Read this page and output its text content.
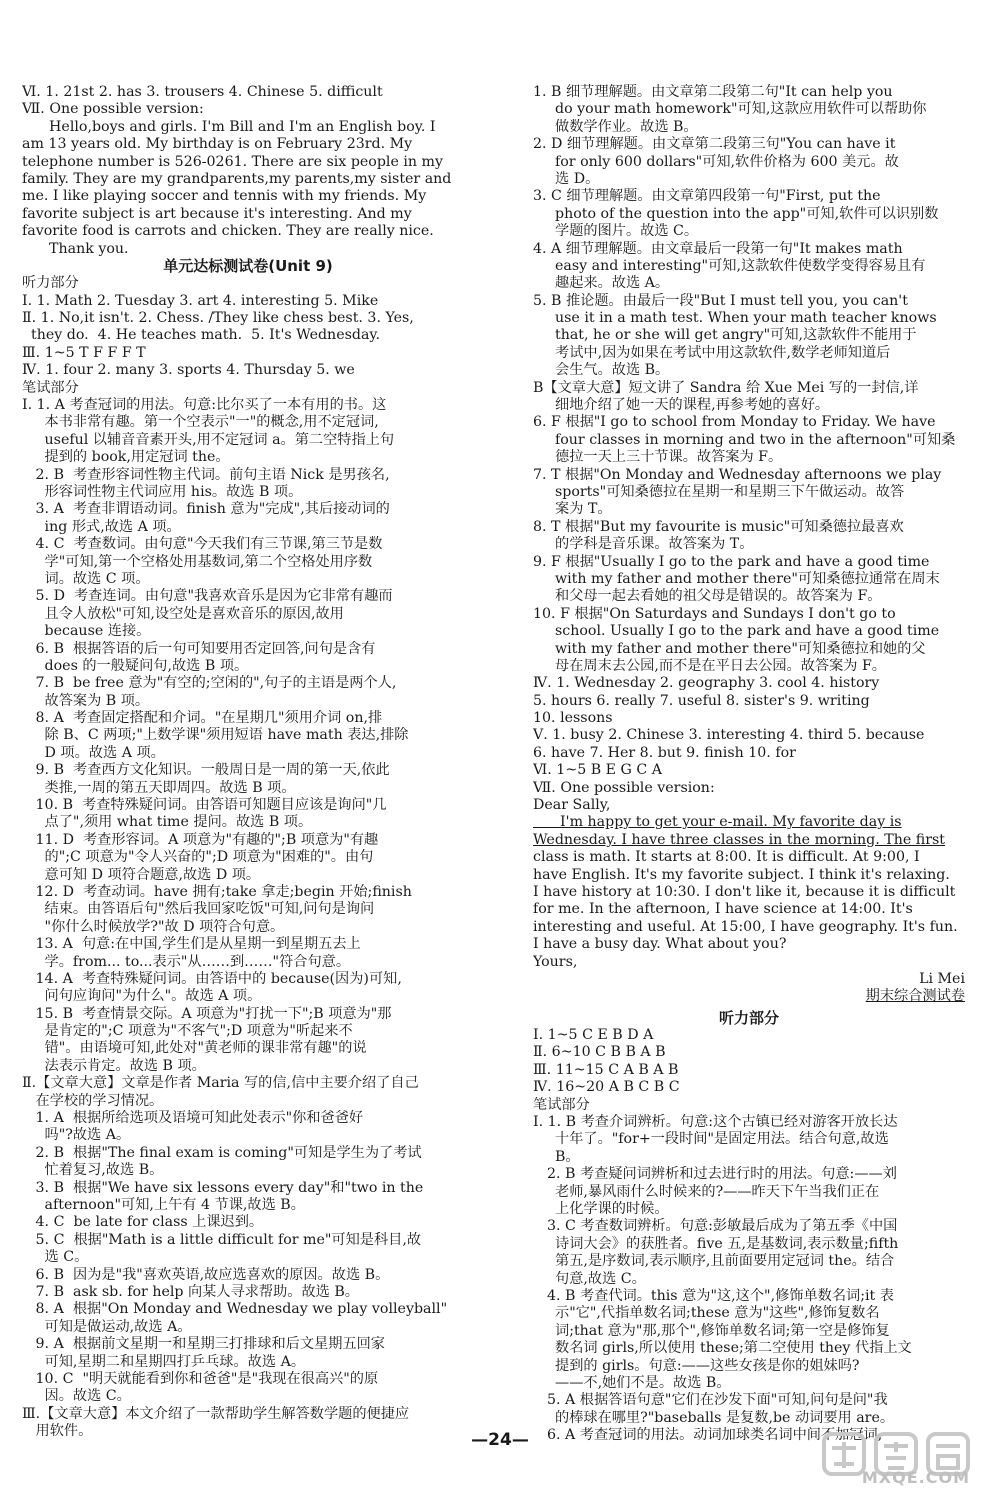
Ⅵ. 1. 21st 2. has 3. trousers 4. Chinese 5. difficult
Ⅶ. One possible version:
Hello,boys and girls. I'm Bill and I'm an English boy. I
am 13 years old. My birthday is on February 23rd. My
telephone number is 526-0261. There are six people in my
family. They are my grandparents,my parents,my sister and
me. I like playing soccer and tennis with my friends. My
favorite subject is art because it's interesting. And my
favorite food is carrots and chicken. They are really nice.
Thank you.
单元达标测试卷(Unit 9)
听力部分
Ⅰ. 1. Math 2. Tuesday 3. art 4. interesting 5. Mike
Ⅱ. 1. No,it isn't. 2. Chess. /They like chess best. 3. Yes,
they do.  4. He teaches math.  5. It's Wednesday.
Ⅲ. 1~5 T F F F T
Ⅳ. 1. four 2. many 3. sports 4. Thursday 5. we
笔试部分
Ⅰ. 1. A 考查冠词的用法。句意:比尔买了一本有用的书。这
本书非常有趣。第一个空表示"一"的概念,用不定冠词,
useful 以辅音音素开头,用不定冠词 a。第二空特指上句
提到的 book,用定冠词 the。
2. B  考查形容词性物主代词。前句主语 Nick 是男孩名,
形容词性物主代词应用 his。故选 B 项。
3. A  考查非谓语动词。finish 意为"完成",其后接动词的
ing 形式,故选 A 项。
4. C  考查数词。由句意"今天我们有三节课,第三节是数
学"可知,第一个空格处用基数词,第二个空格处用序数
词。故选 C 项。
5. D  考查连词。由句意"我喜欢音乐是因为它非常有趣而
且令人放松"可知,设空处是喜欢音乐的原因,故用
because 连接。
6. B  根据答语的后一句可知要用否定回答,问句是含有
does 的一般疑问句,故选 B 项。
7. B  be free 意为"有空的;空闲的",句子的主语是两个人,
故答案为 B 项。
8. A  考查固定搭配和介词。"在星期几"须用介词 on,排
除 B、C 两项;"上数学课"须用短语 have math 表达,排除
D 项。故选 A 项。
9. B  考查西方文化知识。一般周日是一周的第一天,依此
类推,一周的第五天即周四。故选 B 项。
10. B  考查特殊疑问词。由答语可知题目应该是询问"几
点了",须用 what time 提问。故选 B 项。
11. D  考查形容词。A 项意为"有趣的";B 项意为"有趣
的";C 项意为"令人兴奋的";D 项意为"困难的"。由句
意可知 D 项符合题意,故选 D 项。
12. D  考查动词。have 拥有;take 拿走;begin 开始;finish
结束。由答语后句"然后我回家吃饭"可知,问句是询问
"你什么时候放学?"故 D 项符合句意。
13. A  句意:在中国,学生们是从星期一到星期五去上
学。from... to...表示"从……到……"符合句意。
14. A  考查特殊疑问词。由答语中的 because(因为)可知,
问句应询问"为什么"。故选 A 项。
15. B  考查情景交际。A 项意为"打扰一下";B 项意为"那
是肯定的";C 项意为"不客气";D 项意为"听起来不
错"。由语境可知,此处对"黄老师的课非常有趣"的说
法表示肯定。故选 B 项。
Ⅱ.【文章大意】文章是作者 Maria 写的信,信中主要介绍了自己
在学校的学习情况。
1. A  根据所给选项及语境可知此处表示"你和爸爸好
吗"?故选 A。
2. B  根据"The final exam is coming"可知是学生为了考试
忙着复习,故选 B。
3. B  根据"We have six lessons every day"和"two in the
afternoon"可知,上午有 4 节课,故选 B。
4. C  be late for class 上课迟到。
5. C  根据"Math is a little difficult for me"可知是科目,故
选 C。
6. B  因为是"我"喜欢英语,故应选喜欢的原因。故选 B。
7. B  ask sb. for help 向某人寻求帮助。故选 B。
8. A  根据"On Monday and Wednesday we play volleyball"
可知是做运动,故选 A。
9. A  根据前文星期一和星期三打排球和后文星期五回家
可知,星期二和星期四打乒乓球。故选 A。
10. C  "明天就能看到你和爸爸"是"我现在很高兴"的原
因。故选 C。
Ⅲ.【文章大意】本文介绍了一款帮助学生解答数学题的便捷应
用软件。
1. B 细节理解题。由文章第二段第二句"It can help you
do your math homework"可知,这款应用软件可以帮助你
做数学作业。故选 B。
2. D 细节理解题。由文章第二段第三句"You can have it
for only 600 dollars"可知,软件价格为 600 美元。故
选 D。
3. C 细节理解题。由文章第四段第一句"First, put the
photo of the question into the app"可知,软件可以识别数
学题的图片。故选 C。
4. A 细节理解题。由文章最后一段第一句"It makes math
easy and interesting"可知,这款软件使数学变得容易且有
趣起来。故选 A。
5. B 推论题。由最后一段"But I must tell you, you can't
use it in a math test. When your math teacher knows
that, he or she will get angry"可知,这款软件不能用于
考试中,因为如果在考试中用这款软件,数学老师知道后
会生气。故选 B。
B【文章大意】短文讲了 Sandra 给 Xue Mei 写的一封信,详
细地介绍了她一天的课程,再参考她的喜好。
6. F 根据"I go to school from Monday to Friday. We have
four classes in morning and two in the afternoon"可知桑
德拉一天上三十节课。故答案为 F。
7. T 根据"On Monday and Wednesday afternoons we play
sports"可知桑德拉在星期一和星期三下午做运动。故答
案为 T。
8. T 根据"But my favourite is music"可知桑德拉最喜欢
的学科是音乐课。故答案为 T。
9. F 根据"Usually I go to the park and have a good time
with my father and mother there"可知桑德拉通常在周末
和父母一起去看她的祖父母是错误的。故答案为 F。
10. F 根据"On Saturdays and Sundays I don't go to
school. Usually I go to the park and have a good time
with my father and mother there"可知桑德拉和她的父
母在周末去公园,而不是在平日去公园。故答案为 F。
Ⅳ. 1. Wednesday 2. geography 3. cool 4. history
5. hours 6. really 7. useful 8. sister's 9. writing
10. lessons
Ⅴ. 1. busy 2. Chinese 3. interesting 4. third 5. because
6. have 7. Her 8. but 9. finish 10. for
Ⅵ. 1~5 B E G C A
Ⅶ. One possible version:
Dear Sally,
I'm happy to get your e-mail. My favorite day is
Wednesday. I have three classes in the morning. The first
class is math. It starts at 8:00. It is difficult. At 9:00, I
have English. It's my favorite subject. I think it's relaxing.
I have history at 10:30. I don't like it, because it is difficult
for me. In the afternoon, I have science at 14:00. It's
interesting and useful. At 15:00, I have geography. It's fun.
I have a busy day. What about you?
Yours,
Li Mei
期末综合测试卷
听力部分
Ⅰ. 1~5 C E B D A
Ⅱ. 6~10 C B B A B
Ⅲ. 11~15 C A B A B
Ⅳ. 16~20 A B C B C
笔试部分
Ⅰ. 1. B 考查介词辨析。句意:这个古镇已经对游客开放长达
十年了。"for+一段时间"是固定用法。结合句意,故选
B。
2. B 考查疑问词辨析和过去进行时的用法。句意:——刘
老师,暴风雨什么时候来的?——昨天下午当我们正在
上化学课的时候。
3. C 考查数词辨析。句意:彭敏最后成为了第五季《中国
诗词大会》的获胜者。five 五,是基数词,表示数量;fifth
第五,是序数词,表示顺序,且前面要用定冠词 the。结合
句意,故选 C。
4. B 考查代词。this 意为"这,这个",修饰单数名词;it 表
示"它",代指单数名词;these 意为"这些",修饰复数名
词;that 意为"那,那个",修饰单数名词;第一空是修饰复
数名词 girls,所以使用 these;第二空使用 they 代指上文
提到的 girls。句意:——这些女孩是你的姐妹吗?
——不,她们不是。故选 B。
5. A 根据答语句意"它们在沙发下面"可知,问句是问"我
的棒球在哪里?"baseballs 是复数,be 动词要用 are。
6. A 考查冠词的用法。动词加球类名词中间不加冠词,
—24—
MXQE.COM
